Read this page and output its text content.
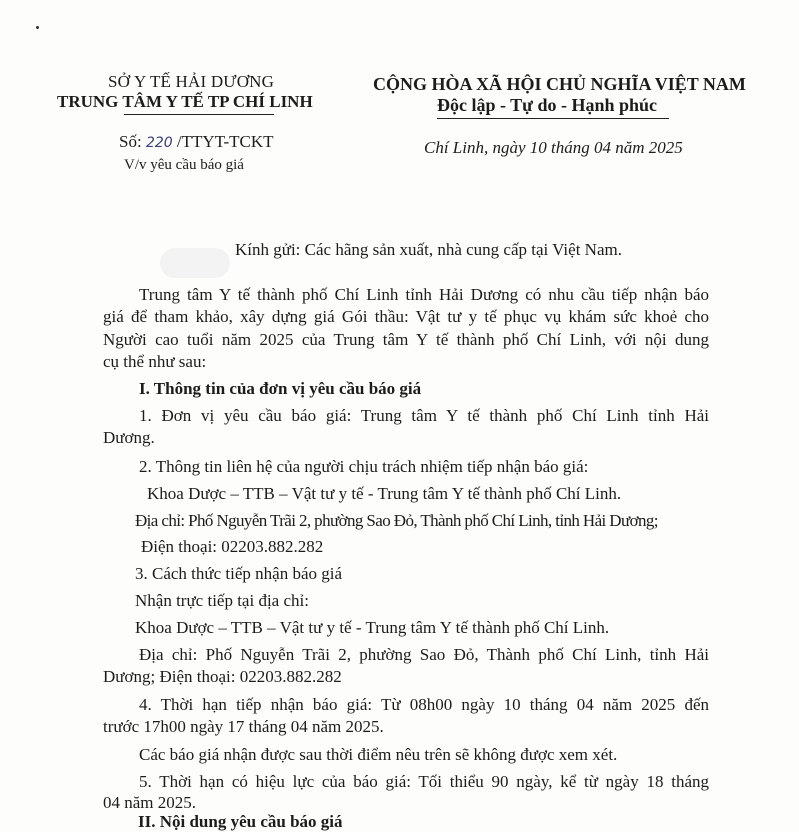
SỞ Y TẾ HẢI DƯƠNG
TRUNG TÂM Y TẾ TP CHÍ LINH
CỘNG HÒA XÃ HỘI CHỦ NGHĨA VIỆT NAM
Độc lập - Tự do - Hạnh phúc
Số: 220 /TTYT-TCKT
V/v yêu cầu báo giá
Chí Linh, ngày 10 tháng 04 năm 2025
Kính gửi: Các hãng sản xuất, nhà cung cấp tại Việt Nam.
Trung tâm Y tế thành phố Chí Linh tỉnh Hải Dương có nhu cầu tiếp nhận báo
giá để tham khảo, xây dựng giá Gói thầu: Vật tư y tế phục vụ khám sức khoẻ cho
Người cao tuổi năm 2025 của Trung tâm Y tế thành phố Chí Linh, với nội dung
cụ thể như sau:
I. Thông tin của đơn vị yêu cầu báo giá
1. Đơn vị yêu cầu báo giá: Trung tâm Y tế thành phố Chí Linh tỉnh Hải
Dương.
2. Thông tin liên hệ của người chịu trách nhiệm tiếp nhận báo giá:
Khoa Dược – TTB – Vật tư y tế - Trung tâm Y tế thành phố Chí Linh.
Địa chỉ: Phố Nguyễn Trãi 2, phường Sao Đỏ, Thành phố Chí Linh, tỉnh Hải Dương;
Điện thoại: 02203.882.282
3. Cách thức tiếp nhận báo giá
Nhận trực tiếp tại địa chỉ:
Khoa Dược – TTB – Vật tư y tế - Trung tâm Y tế thành phố Chí Linh.
Địa chỉ: Phố Nguyễn Trãi 2, phường Sao Đỏ, Thành phố Chí Linh, tỉnh Hải
Dương; Điện thoại: 02203.882.282
4. Thời hạn tiếp nhận báo giá: Từ 08h00 ngày 10 tháng 04 năm 2025 đến
trước 17h00 ngày 17 tháng 04 năm 2025.
Các báo giá nhận được sau thời điểm nêu trên sẽ không được xem xét.
5. Thời hạn có hiệu lực của báo giá: Tối thiểu 90 ngày, kể từ ngày 18 tháng
04 năm 2025.
II. Nội dung yêu cầu báo giá
